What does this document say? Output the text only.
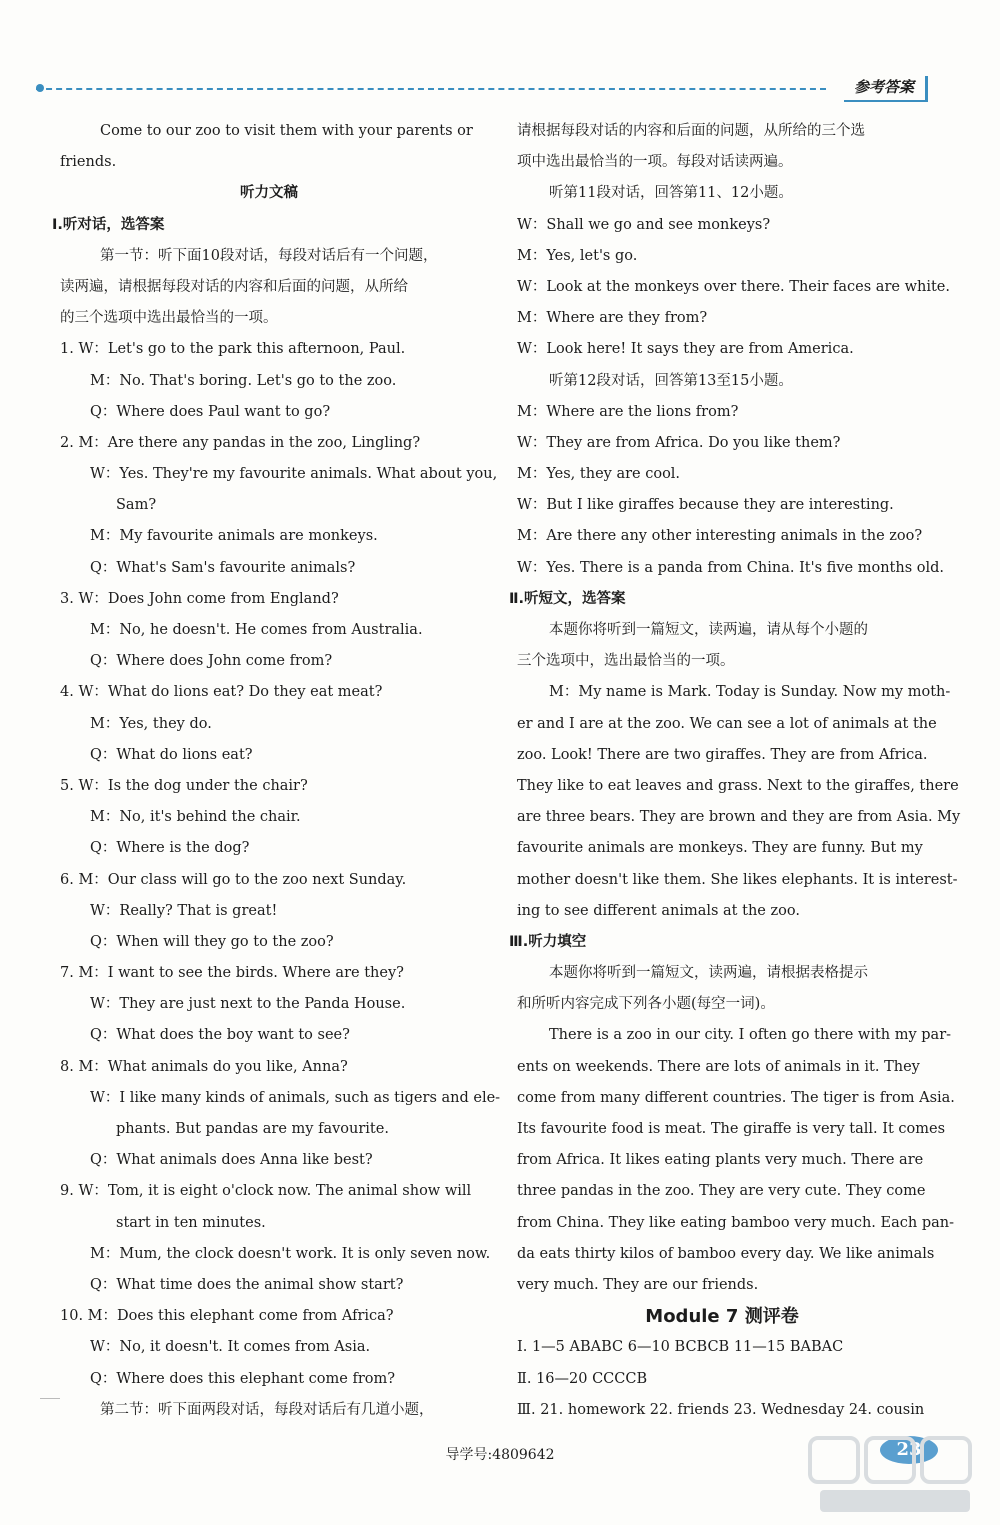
参考答案
Come to our zoo to visit them with your parents or
friends.
听力文稿
Ⅰ.听对话，选答案
第一节：听下面10段对话，每段对话后有一个问题，
读两遍，请根据每段对话的内容和后面的问题，从所给
的三个选项中选出最恰当的一项。
1. W：Let's go to the park this afternoon, Paul.
M：No. That's boring. Let's go to the zoo.
Q：Where does Paul want to go?
2. M：Are there any pandas in the zoo, Lingling?
W：Yes. They're my favourite animals. What about you,
Sam?
M：My favourite animals are monkeys.
Q：What's Sam's favourite animals?
3. W：Does John come from England?
M：No, he doesn't. He comes from Australia.
Q：Where does John come from?
4. W：What do lions eat? Do they eat meat?
M：Yes, they do.
Q：What do lions eat?
5. W：Is the dog under the chair?
M：No, it's behind the chair.
Q：Where is the dog?
6. M：Our class will go to the zoo next Sunday.
W：Really? That is great!
Q：When will they go to the zoo?
7. M：I want to see the birds. Where are they?
W：They are just next to the Panda House.
Q：What does the boy want to see?
8. M：What animals do you like, Anna?
W：I like many kinds of animals, such as tigers and ele-
phants. But pandas are my favourite.
Q：What animals does Anna like best?
9. W：Tom, it is eight o'clock now. The animal show will
start in ten minutes.
M：Mum, the clock doesn't work. It is only seven now.
Q：What time does the animal show start?
10. M：Does this elephant come from Africa?
W：No, it doesn't. It comes from Asia.
Q：Where does this elephant come from?
第二节：听下面两段对话，每段对话后有几道小题，
请根据每段对话的内容和后面的问题，从所给的三个选
项中选出最恰当的一项。每段对话读两遍。
听第11段对话，回答第11、12小题。
W：Shall we go and see monkeys?
M：Yes, let's go.
W：Look at the monkeys over there. Their faces are white.
M：Where are they from?
W：Look here! It says they are from America.
听第12段对话，回答第13至15小题。
M：Where are the lions from?
W：They are from Africa. Do you like them?
M：Yes, they are cool.
W：But I like giraffes because they are interesting.
M：Are there any other interesting animals in the zoo?
W：Yes. There is a panda from China. It's five months old.
Ⅱ.听短文，选答案
本题你将听到一篇短文，读两遍，请从每个小题的
三个选项中，选出最恰当的一项。
M：My name is Mark. Today is Sunday. Now my moth-
er and I are at the zoo. We can see a lot of animals at the
zoo. Look! There are two giraffes. They are from Africa.
They like to eat leaves and grass. Next to the giraffes, there
are three bears. They are brown and they are from Asia. My
favourite animals are monkeys. They are funny. But my
mother doesn't like them. She likes elephants. It is interest-
ing to see different animals at the zoo.
Ⅲ.听力填空
本题你将听到一篇短文，读两遍，请根据表格提示
和所听内容完成下列各小题(每空一词)。
There is a zoo in our city. I often go there with my par-
ents on weekends. There are lots of animals in it. They
come from many different countries. The tiger is from Asia.
Its favourite food is meat. The giraffe is very tall. It comes
from Africa. It likes eating plants very much. There are
three pandas in the zoo. They are very cute. They come
from China. They like eating bamboo very much. Each pan-
da eats thirty kilos of bamboo every day. We like animals
very much. They are our friends.
Module 7 测评卷
Ⅰ. 1—5 ABABC 6—10 BCBCB 11—15 BABAC
Ⅱ. 16—20 CCCCB
Ⅲ. 21. homework 22. friends 23. Wednesday 24. cousin
导学号:4809642	23
